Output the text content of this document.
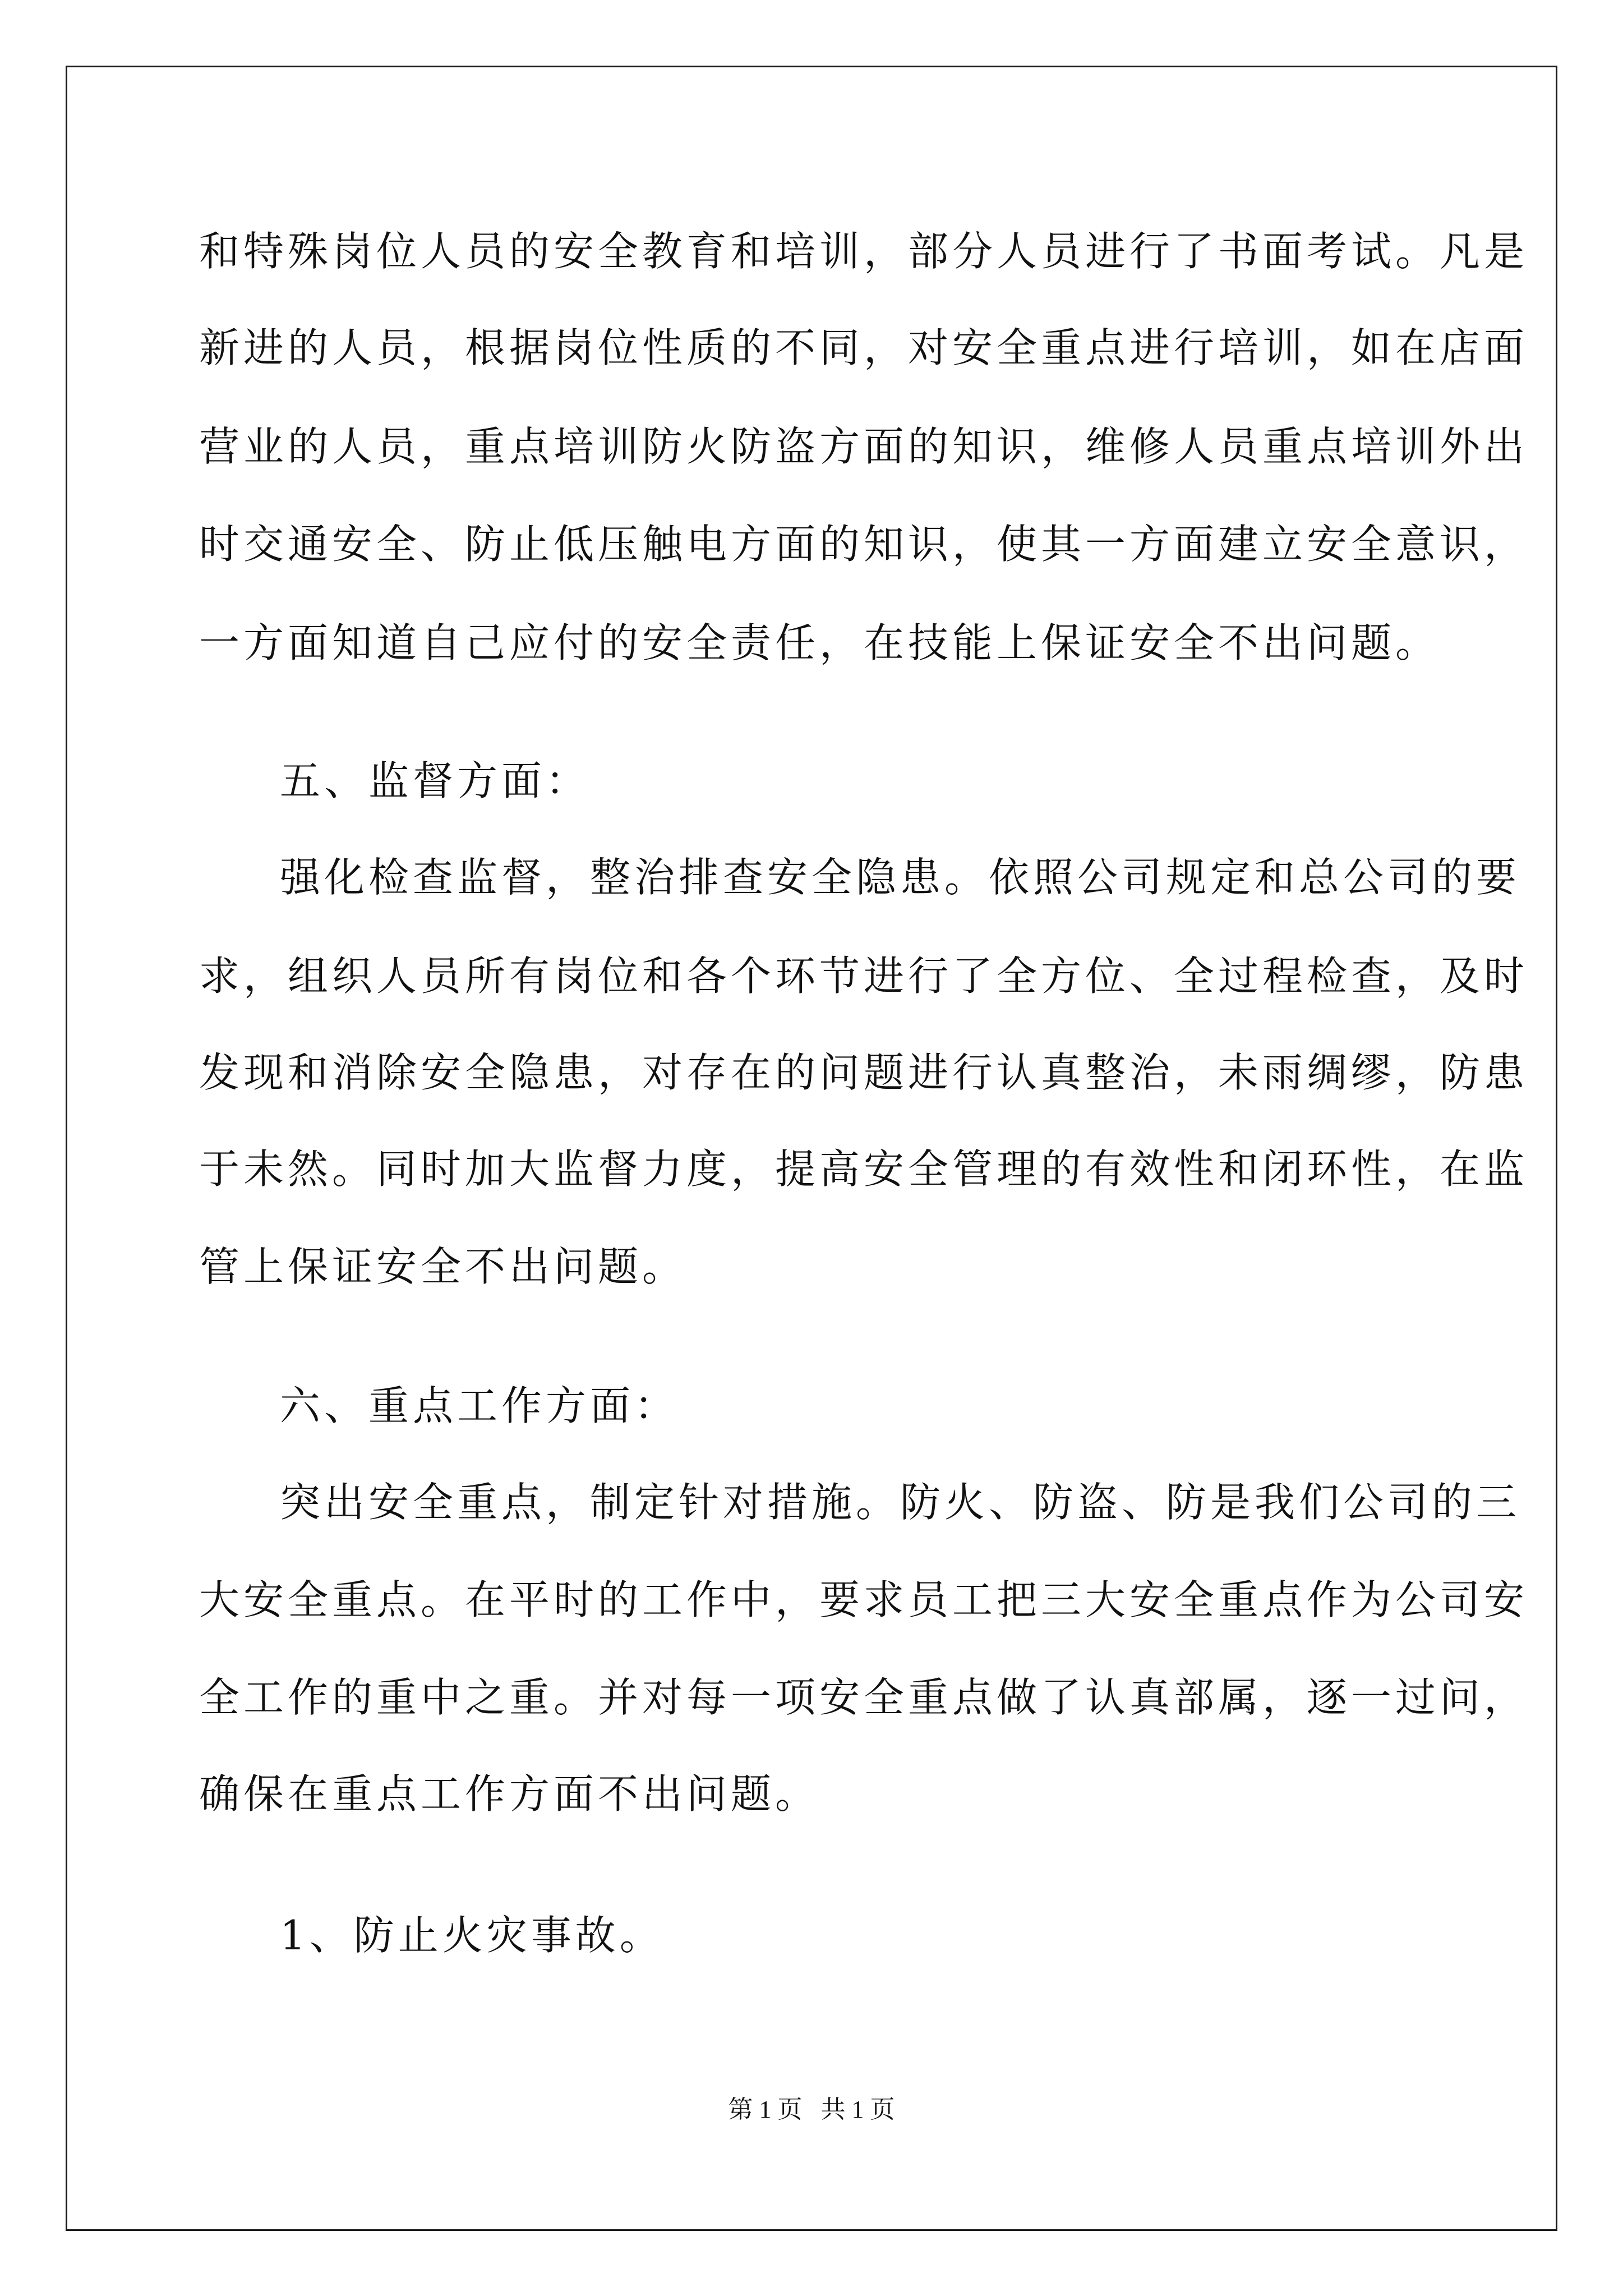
和特殊岗位人员的安全教育和培训，部分人员进行了书面考试。凡是
新进的人员，根据岗位性质的不同，对安全重点进行培训，如在店面
营业的人员，重点培训防火防盗方面的知识，维修人员重点培训外出
时交通安全、防止低压触电方面的知识，使其一方面建立安全意识，
一方面知道自己应付的安全责任，在技能上保证安全不出问题。
五、监督方面：
强化检查监督，整治排查安全隐患。依照公司规定和总公司的要
求，组织人员所有岗位和各个环节进行了全方位、全过程检查，及时
发现和消除安全隐患，对存在的问题进行认真整治，未雨绸缪，防患
于未然。同时加大监督力度，提高安全管理的有效性和闭环性，在监
管上保证安全不出问题。
六、重点工作方面：
突出安全重点，制定针对措施。防火、防盗、防是我们公司的三
大安全重点。在平时的工作中，要求员工把三大安全重点作为公司安
全工作的重中之重。并对每一项安全重点做了认真部属，逐一过问，
确保在重点工作方面不出问题。
1、防止火灾事故。
第 1 页   共 1 页
